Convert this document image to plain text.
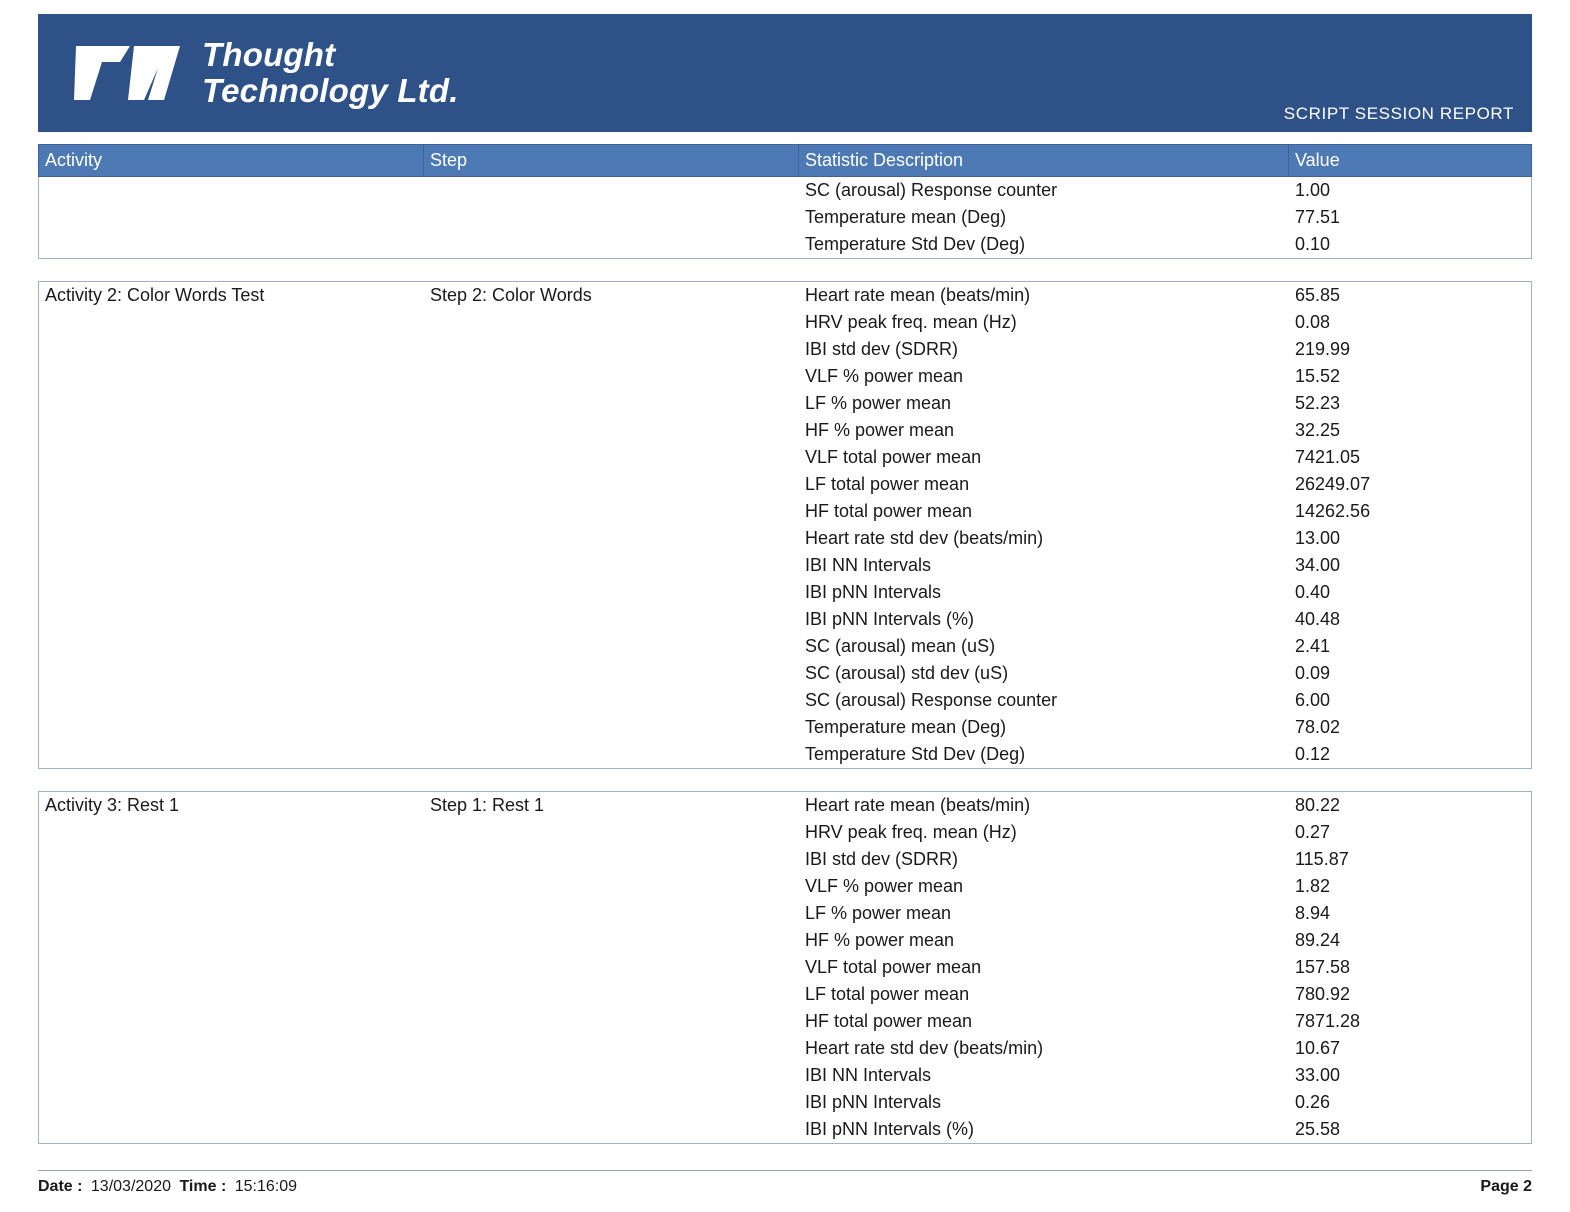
Thought
Technology Ltd.
SCRIPT SESSION REPORT
Activity	Step	Statistic Description	Value
		SC (arousal) Response counter	1.00
		Temperature mean (Deg)	77.51
		Temperature Std Dev (Deg)	0.10
Activity 2: Color Words Test	Step 2: Color Words	Heart rate mean (beats/min)	65.85
		HRV peak freq. mean (Hz)	0.08
		IBI std dev (SDRR)	219.99
		VLF % power mean	15.52
		LF % power mean	52.23
		HF % power mean	32.25
		VLF total power mean	7421.05
		LF total power mean	26249.07
		HF total power mean	14262.56
		Heart rate std dev (beats/min)	13.00
		IBI NN Intervals	34.00
		IBI pNN Intervals	0.40
		IBI pNN Intervals (%)	40.48
		SC (arousal) mean (uS)	2.41
		SC (arousal) std dev (uS)	0.09
		SC (arousal) Response counter	6.00
		Temperature mean (Deg)	78.02
		Temperature Std Dev (Deg)	0.12
Activity 3: Rest 1	Step 1: Rest 1	Heart rate mean (beats/min)	80.22
		HRV peak freq. mean (Hz)	0.27
		IBI std dev (SDRR)	115.87
		VLF % power mean	1.82
		LF % power mean	8.94
		HF % power mean	89.24
		VLF total power mean	157.58
		LF total power mean	780.92
		HF total power mean	7871.28
		Heart rate std dev (beats/min)	10.67
		IBI NN Intervals	33.00
		IBI pNN Intervals	0.26
		IBI pNN Intervals (%)	25.58
Date : 13/03/2020 Time : 15:16:09	Page 2
